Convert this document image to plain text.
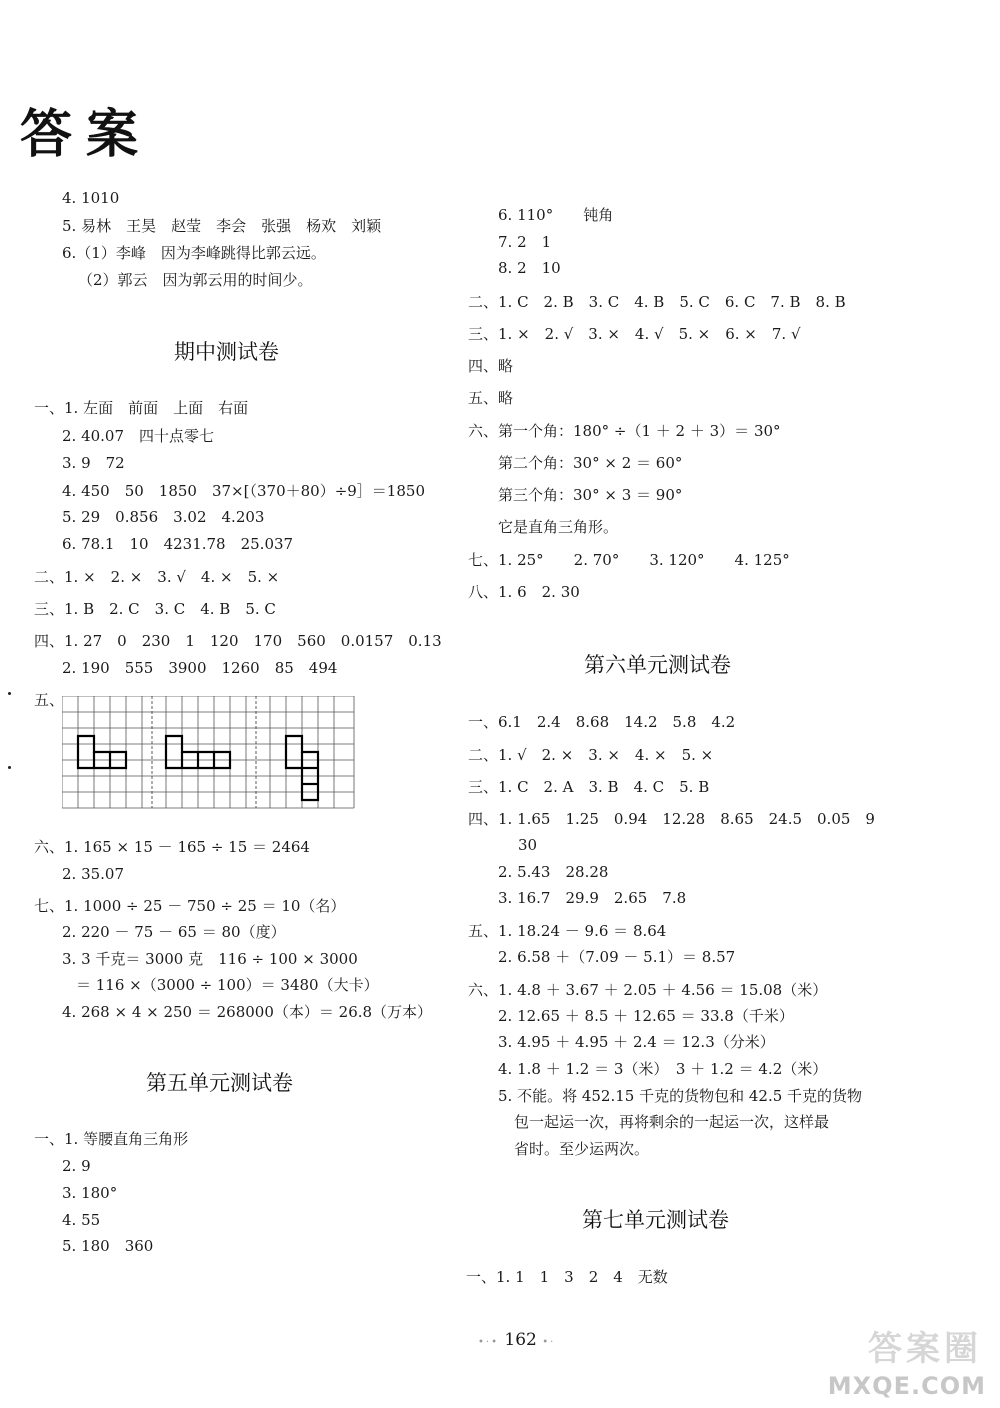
答案
4. 1010
5. 易林　王昊　赵莹　李会　张强　杨欢　刘颖
6.（1）李峰　因为李峰跳得比郭云远。
（2）郭云　因为郭云用的时间少。
期中测试卷
一、1. 左面　前面　上面　右面
2. 40.07　四十点零七
3. 9　72
4. 450　50　1850　37×[（370＋80）÷9］＝1850
5. 29　0.856　3.02　4.203
6. 78.1　10　4231.78　25.037
二、1. ×　2. ×　3. √　4. ×　5. ×
三、1. B　2. C　3. C　4. B　5. C
四、1. 27　0　230　1　120　170　560　0.0157　0.13
2. 190　555　3900　1260　85　494
五、
六、1. 165 × 15 － 165 ÷ 15 ＝ 2464
2. 35.07
七、1. 1000 ÷ 25 － 750 ÷ 25 ＝ 10（名）
2. 220 － 75 － 65 ＝ 80（度）
3. 3 千克＝ 3000 克　116 ÷ 100 × 3000
＝ 116 ×（3000 ÷ 100）＝ 3480（大卡）
4. 268 × 4 × 250 ＝ 268000（本）＝ 26.8（万本）
第五单元测试卷
一、1. 等腰直角三角形
2. 9
3. 180°
4. 55
5. 180　360
6. 110°　　钝角
7. 2　1
8. 2　10
二、1. C　2. B　3. C　4. B　5. C　6. C　7. B　8. B
三、1. ×　2. √　3. ×　4. √　5. ×　6. ×　7. √
四、略
五、略
六、第一个角：180° ÷（1 ＋ 2 ＋ 3）＝ 30°
第二个角：30° × 2 ＝ 60°
第三个角：30° × 3 ＝ 90°
它是直角三角形。
七、1. 25°　　2. 70°　　3. 120°　　4. 125°
八、1. 6　2. 30
第六单元测试卷
一、6.1　2.4　8.68　14.2　5.8　4.2
二、1. √　2. ×　3. ×　4. ×　5. ×
三、1. C　2. A　3. B　4. C　5. B
四、1. 1.65　1.25　0.94　12.28　8.65　24.5　0.05　9
30
2. 5.43　28.28
3. 16.7　29.9　2.65　7.8
五、1. 18.24 － 9.6 ＝ 8.64
2. 6.58 ＋（7.09 － 5.1）＝ 8.57
六、1. 4.8 ＋ 3.67 ＋ 2.05 ＋ 4.56 ＝ 15.08（米）
2. 12.65 ＋ 8.5 ＋ 12.65 ＝ 33.8（千米）
3. 4.95 ＋ 4.95 ＋ 2.4 ＝ 12.3（分米）
4. 1.8 ＋ 1.2 ＝ 3（米）　3 ＋ 1.2 ＝ 4.2（米）
5. 不能。将 452.15 千克的货物包和 42.5 千克的货物
包一起运一次，再将剩余的一起运一次，这样最
省时。至少运两次。
第七单元测试卷
一、1. 1　1　3　2　4　无数
•·• 162 •·	答案圈
MXQE.COM
